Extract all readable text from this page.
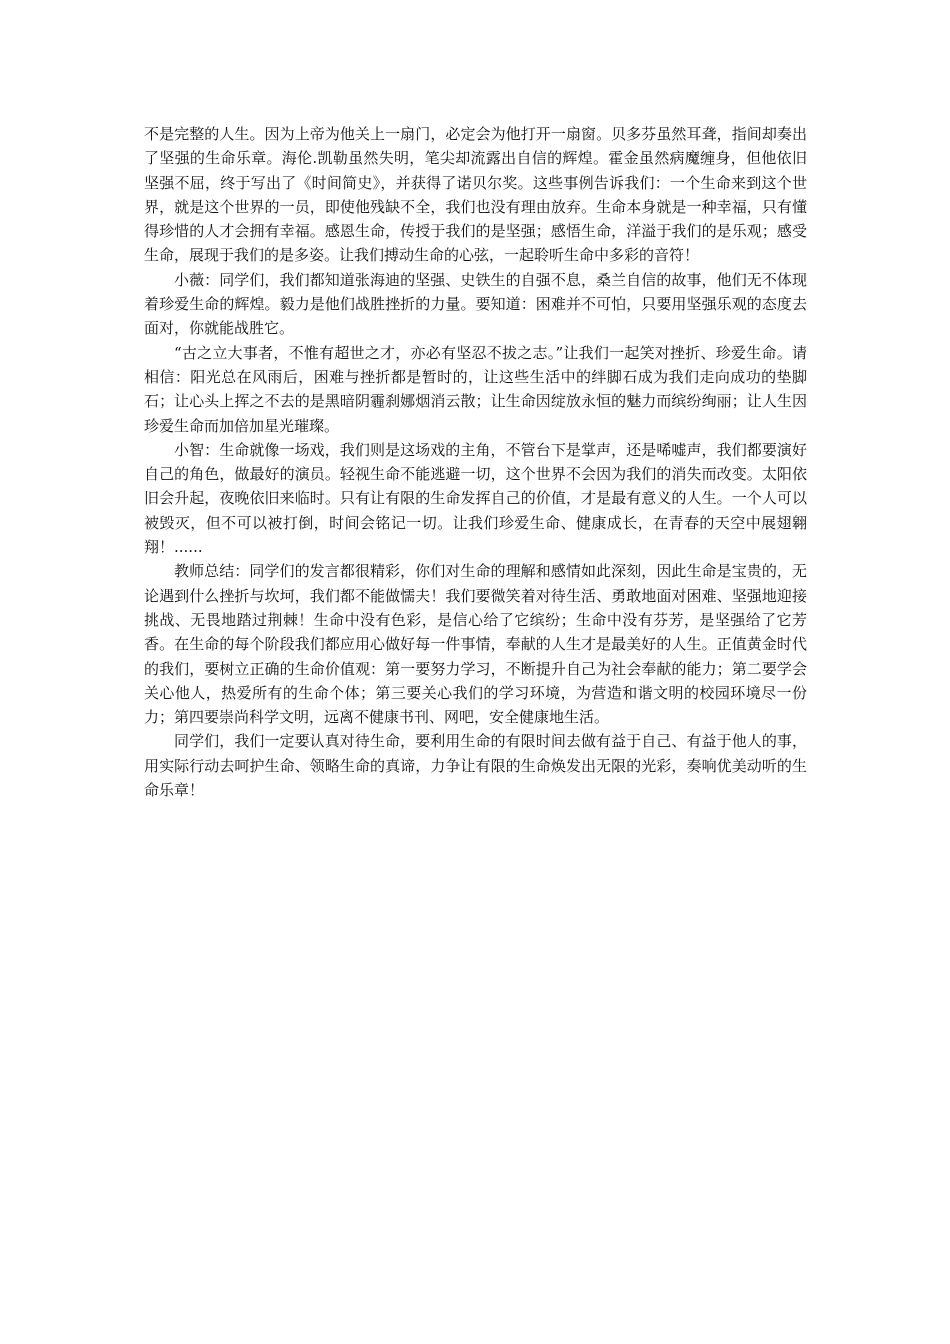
不是完整的人生。因为上帝为他关上一扇门，必定会为他打开一扇窗。贝多芬虽然耳聋，指间却奏出了坚强的生命乐章。海伦.凯勒虽然失明，笔尖却流露出自信的辉煌。霍金虽然病魔缠身，但他依旧坚强不屈，终于写出了《时间简史》，并获得了诺贝尔奖。这些事例告诉我们：一个生命来到这个世界，就是这个世界的一员，即使他残缺不全，我们也没有理由放弃。生命本身就是一种幸福，只有懂得珍惜的人才会拥有幸福。感恩生命，传授于我们的是坚强；感悟生命，洋溢于我们的是乐观；感受生命，展现于我们的是多姿。让我们搏动生命的心弦，一起聆听生命中多彩的音符！

小薇：同学们，我们都知道张海迪的坚强、史铁生的自强不息，桑兰自信的故事，他们无不体现着珍爱生命的辉煌。毅力是他们战胜挫折的力量。要知道：困难并不可怕，只要用坚强乐观的态度去面对，你就能战胜它。

“古之立大事者，不惟有超世之才，亦必有坚忍不拔之志。”让我们一起笑对挫折、珍爱生命。请相信：阳光总在风雨后，困难与挫折都是暂时的，让这些生活中的绊脚石成为我们走向成功的垫脚石；让心头上挥之不去的是黑暗阴霾刹娜烟消云散；让生命因绽放永恒的魅力而缤纷绚丽；让人生因珍爱生命而加倍加星光璀璨。

小智：生命就像一场戏，我们则是这场戏的主角，不管台下是掌声，还是唏嘘声，我们都要演好自己的角色，做最好的演员。轻视生命不能逃避一切，这个世界不会因为我们的消失而改变。太阳依旧会升起，夜晚依旧来临时。只有让有限的生命发挥自己的价值，才是最有意义的人生。一个人可以被毁灭，但不可以被打倒，时间会铭记一切。让我们珍爱生命、健康成长，在青春的天空中展翅翱翔！......

教师总结：同学们的发言都很精彩，你们对生命的理解和感情如此深刻，因此生命是宝贵的，无论遇到什么挫折与坎坷，我们都不能做懦夫！我们要微笑着对待生活、勇敢地面对困难、坚强地迎接挑战、无畏地踏过荆棘！生命中没有色彩，是信心给了它缤纷；生命中没有芬芳，是坚强给了它芳香。在生命的每个阶段我们都应用心做好每一件事情，奉献的人生才是最美好的人生。正值黄金时代的我们，要树立正确的生命价值观：第一要努力学习，不断提升自己为社会奉献的能力；第二要学会关心他人，热爱所有的生命个体；第三要关心我们的学习环境，为营造和谐文明的校园环境尽一份力；第四要崇尚科学文明，远离不健康书刊、网吧，安全健康地生活。

同学们，我们一定要认真对待生命，要利用生命的有限时间去做有益于自己、有益于他人的事，用实际行动去呵护生命、领略生命的真谛，力争让有限的生命焕发出无限的光彩，奏响优美动听的生命乐章！
